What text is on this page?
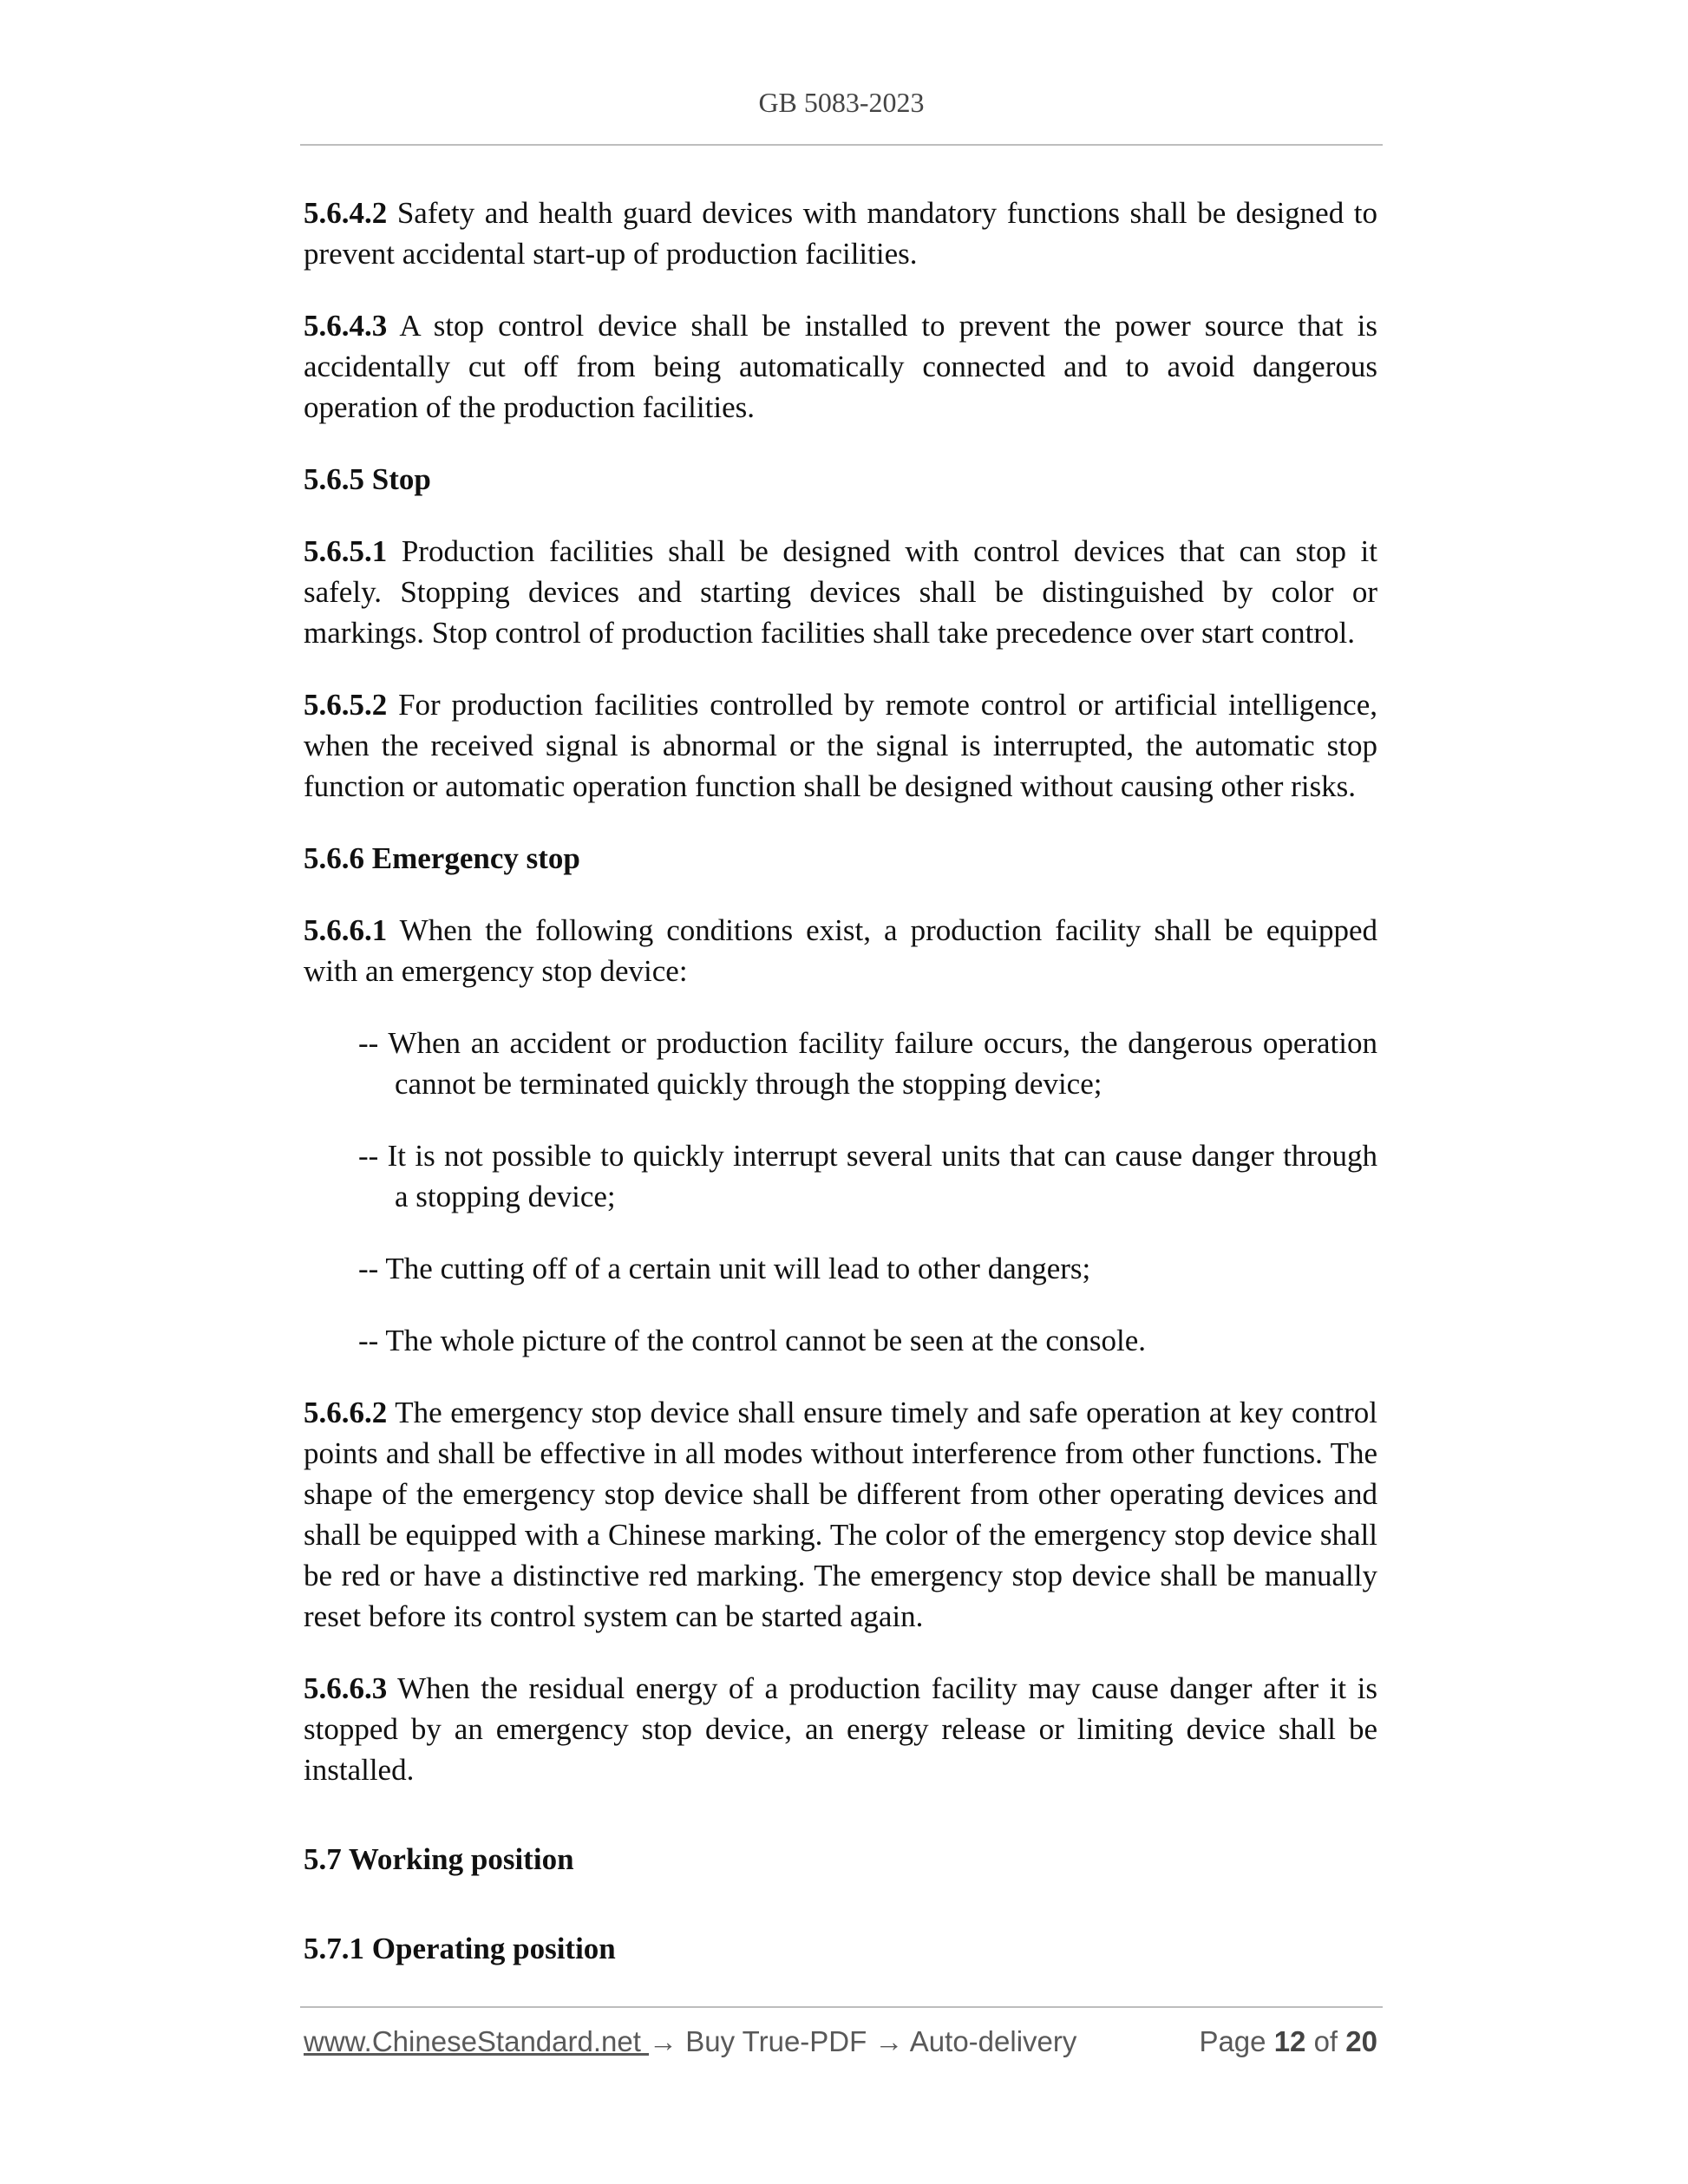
GB 5083-2023

5.6.4.2 Safety and health guard devices with mandatory functions shall be designed to prevent accidental start-up of production facilities.

5.6.4.3 A stop control device shall be installed to prevent the power source that is accidentally cut off from being automatically connected and to avoid dangerous operation of the production facilities.

5.6.5 Stop

5.6.5.1 Production facilities shall be designed with control devices that can stop it safely. Stopping devices and starting devices shall be distinguished by color or markings. Stop control of production facilities shall take precedence over start control.

5.6.5.2 For production facilities controlled by remote control or artificial intelligence, when the received signal is abnormal or the signal is interrupted, the automatic stop function or automatic operation function shall be designed without causing other risks.

5.6.6 Emergency stop

5.6.6.1 When the following conditions exist, a production facility shall be equipped with an emergency stop device:

-- When an accident or production facility failure occurs, the dangerous operation cannot be terminated quickly through the stopping device;
-- It is not possible to quickly interrupt several units that can cause danger through a stopping device;
-- The cutting off of a certain unit will lead to other dangers;
-- The whole picture of the control cannot be seen at the console.

5.6.6.2 The emergency stop device shall ensure timely and safe operation at key control points and shall be effective in all modes without interference from other functions. The shape of the emergency stop device shall be different from other operating devices and shall be equipped with a Chinese marking. The color of the emergency stop device shall be red or have a distinctive red marking. The emergency stop device shall be manually reset before its control system can be started again.

5.6.6.3 When the residual energy of a production facility may cause danger after it is stopped by an emergency stop device, an energy release or limiting device shall be installed.

5.7 Working position

5.7.1 Operating position

www.ChineseStandard.net → Buy True-PDF → Auto-delivery	Page 12 of 20
